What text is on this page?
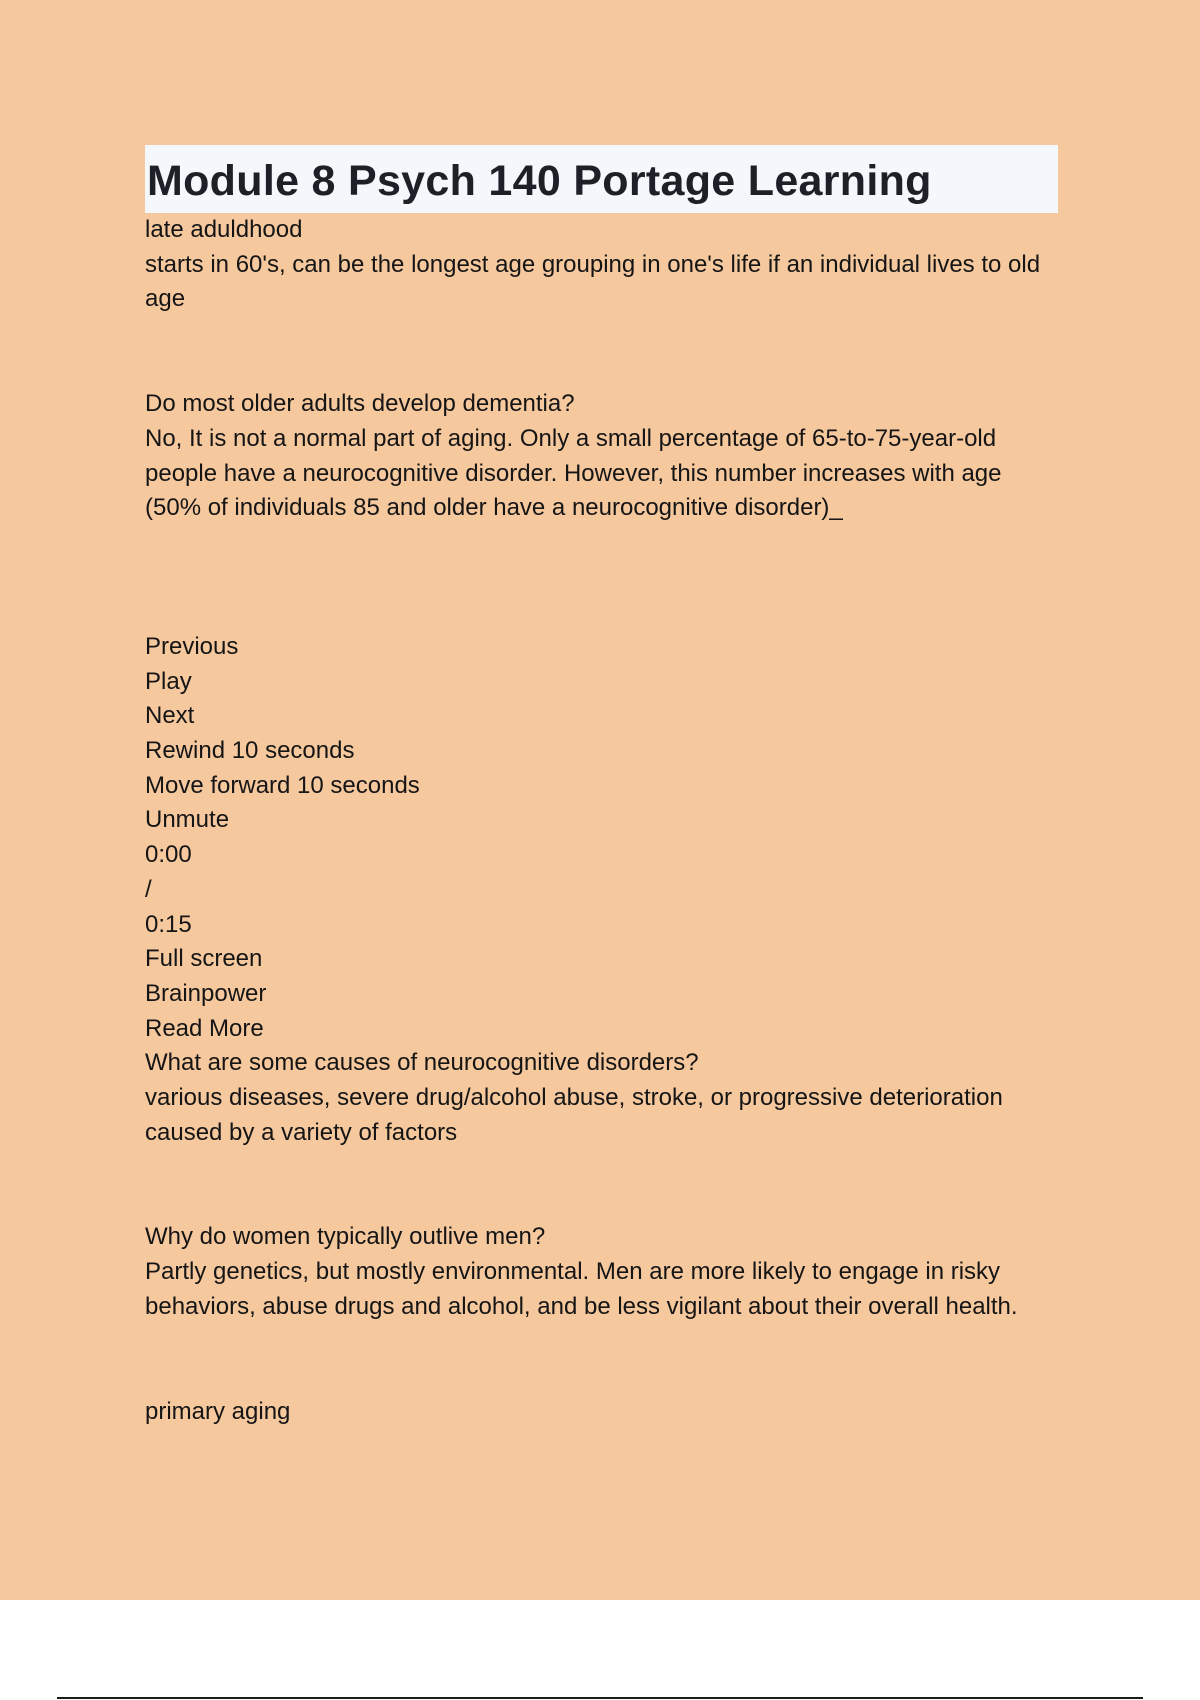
Module 8 Psych 140 Portage Learning

late aduldhood

starts in 60's, can be the longest age grouping in one's life if an individual lives to old age

Do most older adults develop dementia?

No, It is not a normal part of aging. Only a small percentage of 65-to-75-year-old people have a neurocognitive disorder. However, this number increases with age (50% of individuals 85 and older have a neurocognitive disorder)_

Previous

Play

Next

Rewind 10 seconds

Move forward 10 seconds

Unmute

0:00

/

0:15

Full screen

Brainpower

Read More

What are some causes of neurocognitive disorders?

various diseases, severe drug/alcohol abuse, stroke, or progressive deterioration caused by a variety of factors

Why do women typically outlive men?

Partly genetics, but mostly environmental. Men are more likely to engage in risky behaviors, abuse drugs and alcohol, and be less vigilant about their overall health.

primary aging
